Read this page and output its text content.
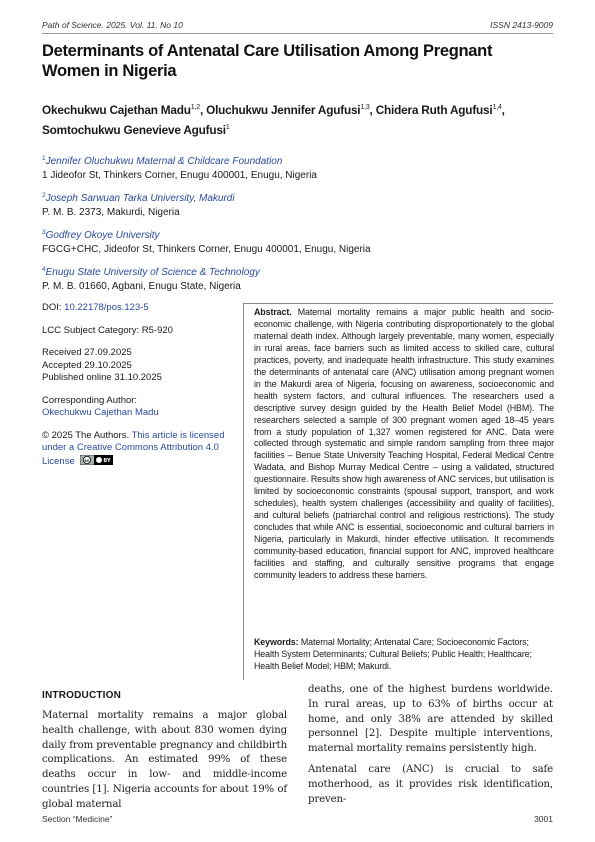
Path of Science. 2025. Vol. 11. No 10	ISSN 2413-9009
Determinants of Antenatal Care Utilisation Among Pregnant Women in Nigeria
Okechukwu Cajethan Madu$^{1,2}$, Oluchukwu Jennifer Agufusi$^{1,3}$, Chidera Ruth Agufusi$^{1,4}$,
Somtochukwu Genevieve Agufusi$^1$
$^1$Jennifer Oluchukwu Maternal & Childcare Foundation
1 Jideofor St, Thinkers Corner, Enugu 400001, Enugu, Nigeria
$^2$Joseph Sarwuan Tarka University, Makurdi
P. M. B. 2373, Makurdi, Nigeria
$^3$Godfrey Okoye University
FGCG+CHC, Jideofor St, Thinkers Corner, Enugu 400001, Enugu, Nigeria
$^4$Enugu State University of Science & Technology
P. M. B. 01660, Agbani, Enugu State, Nigeria
DOI: 10.22178/pos.123-5
LCC Subject Category: R5-920
Received 27.09.2025
Accepted 29.10.2025
Published online 31.10.2025
Corresponding Author:
Okechukwu Cajethan Madu
© 2025 The Authors. This article is licensed under a Creative Commons Attribution 4.0 License cc	BY
Abstract. Maternal mortality remains a major public health and socio-economic challenge, with Nigeria contributing disproportionately to the global maternal death index. Although largely preventable, many women, especially in rural areas, face barriers such as limited access to skilled care, cultural practices, poverty, and inadequate health infrastructure. This study examines the determinants of antenatal care (ANC) utilisation among pregnant women in the Makurdi area of Nigeria, focusing on awareness, socioeconomic and health system factors, and cultural influences. The researchers used a descriptive survey design guided by the Health Belief Model (HBM). The researchers selected a sample of 300 pregnant women aged 18–45 years from a study population of 1,327 women registered for ANC. Data were collected through systematic and simple random sampling from three major facilities – Benue State University Teaching Hospital, Federal Medical Centre Wadata, and Bishop Murray Medical Centre – using a validated, structured questionnaire. Results show high awareness of ANC services, but utilisation is limited by socioeconomic constraints (spousal support, transport, and work schedules), health system challenges (accessibility and quality of facilities), and cultural beliefs (patriarchal control and religious restrictions). The study concludes that while ANC is essential, socioeconomic and cultural barriers in Nigeria, particularly in Makurdi, hinder effective utilisation. It recommends community-based education, financial support for ANC, improved healthcare facilities and staffing, and culturally sensitive programs that engage community leaders to address these barriers.
Keywords: Maternal Mortality; Antenatal Care; Socioeconomic Factors; Health System Determinants; Cultural Beliefs; Public Health; Healthcare; Health Belief Model; HBM; Makurdi.
INTRODUCTION
Maternal mortality remains a major global health challenge, with about 830 women dying daily from preventable pregnancy and childbirth complications. An estimated 99% of these deaths occur in low- and middle-income countries [1]. Nigeria accounts for about 19% of global maternal

deaths, one of the highest burdens worldwide. In rural areas, up to 63% of births occur at home, and only 38% are attended by skilled personnel [2]. Despite multiple interventions, maternal mortality remains persistently high.

Antenatal care (ANC) is crucial to safe motherhood, as it provides risk identification, preven-

Section “Medicine”	3001
